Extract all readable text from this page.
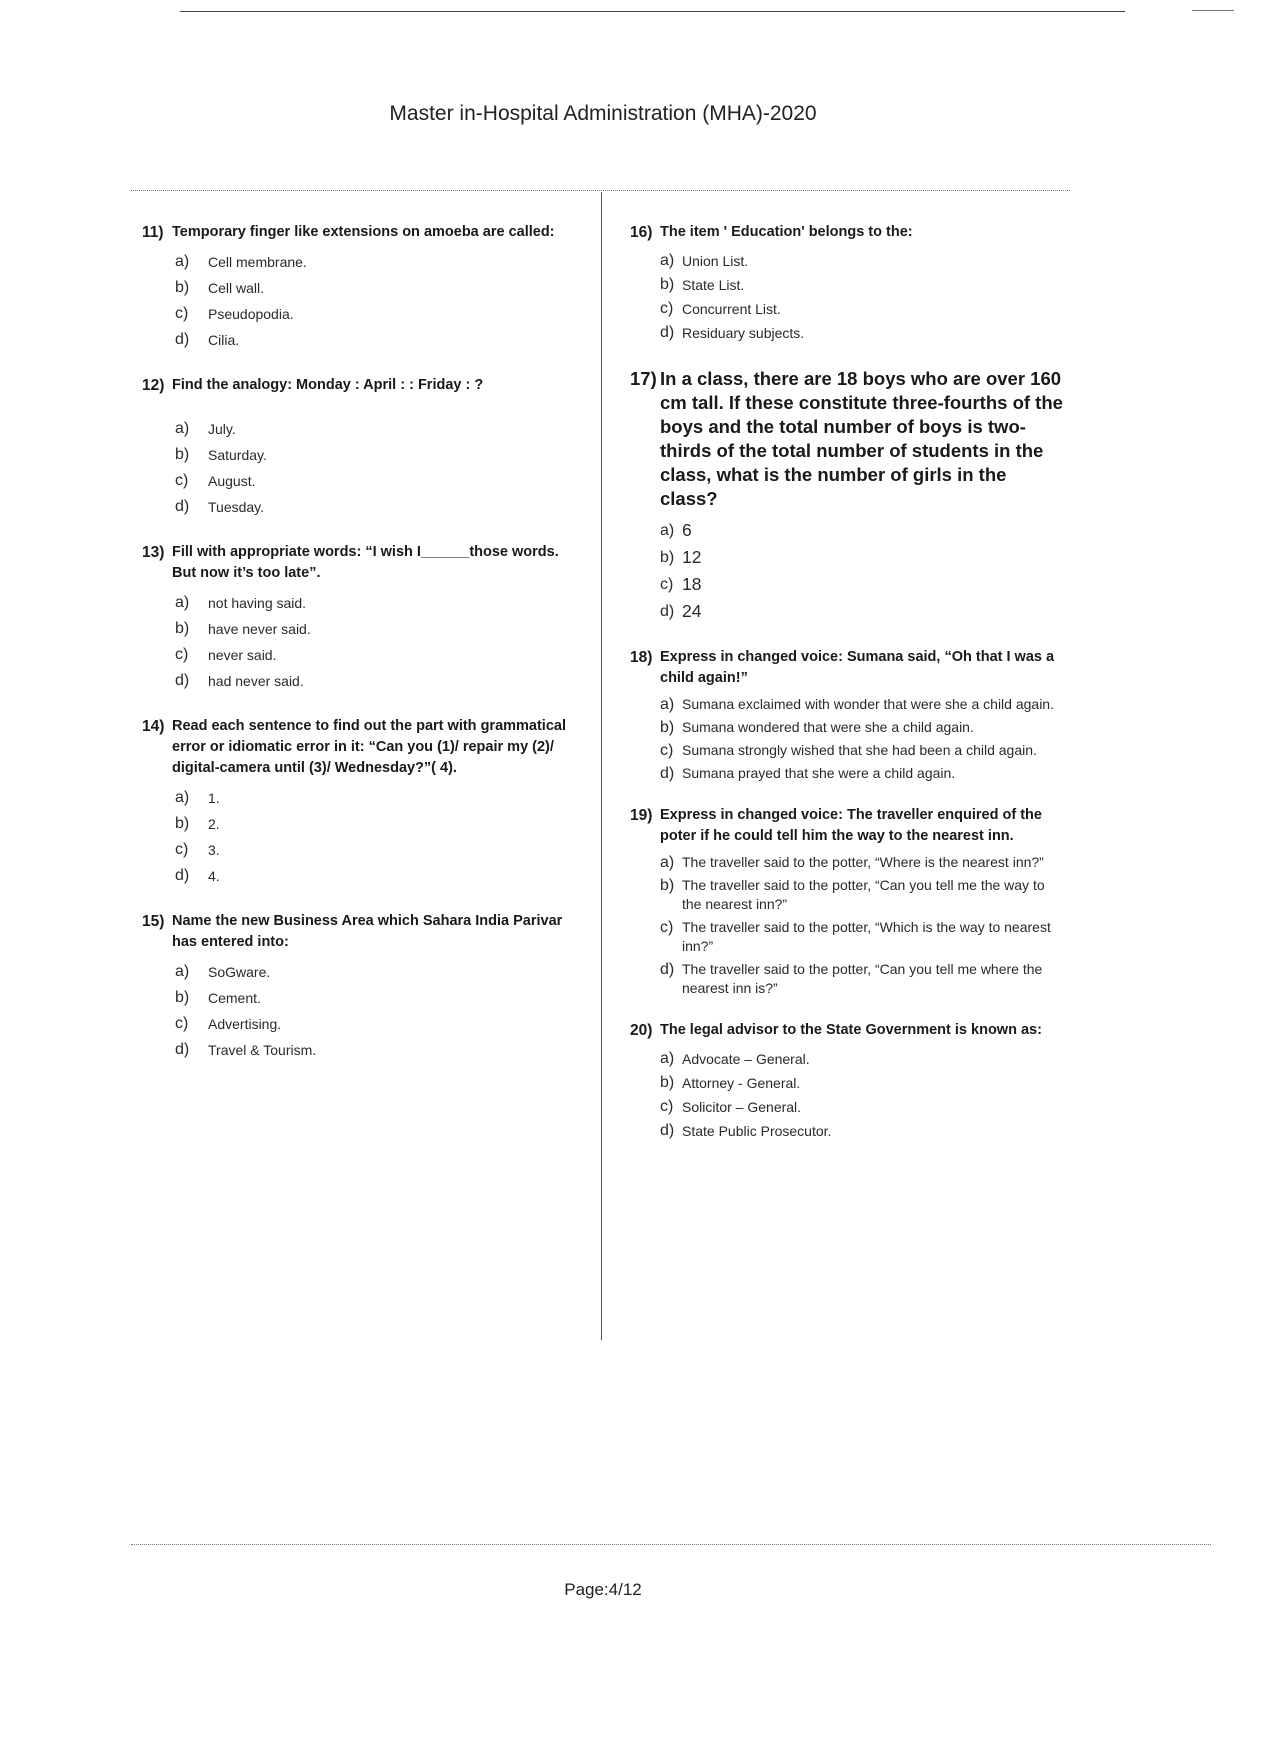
Master in-Hospital Administration (MHA)-2020
11) Temporary finger like extensions on amoeba are called:
a) Cell membrane.
b) Cell wall.
c) Pseudopodia.
d) Cilia.
12) Find the analogy: Monday : April : : Friday : ?
a) July.
b) Saturday.
c) August.
d) Tuesday.
13) Fill with appropriate words: “I wish I______those words. But now it’s too late”.
a) not having said.
b) have never said.
c) never said.
d) had never said.
14) Read each sentence to find out the part with grammatical error or idiomatic error in it: “Can you (1)/ repair my (2)/ digital-camera until (3)/ Wednesday?”( 4).
a) 1.
b) 2.
c) 3.
d) 4.
15) Name the new Business Area which Sahara India Parivar has entered into:
a) SoGware.
b) Cement.
c) Advertising.
d) Travel & Tourism.
16) The item ' Education' belongs to the:
a) Union List.
b) State List.
c) Concurrent List.
d) Residuary subjects.
17) In a class, there are 18 boys who are over 160 cm tall. If these constitute three-fourths of the boys and the total number of boys is two-thirds of the total number of students in the class, what is the number of girls in the class?
a) 6
b) 12
c) 18
d) 24
18) Express in changed voice: Sumana said, “Oh that I was a child again!”
a) Sumana exclaimed with wonder that were she a child again.
b) Sumana wondered that were she a child again.
c) Sumana strongly wished that she had been a child again.
d) Sumana prayed that she were a child again.
19) Express in changed voice: The traveller enquired of the poter if he could tell him the way to the nearest inn.
a) The traveller said to the potter, “Where is the nearest inn?”
b) The traveller said to the potter, “Can you tell me the way to the nearest inn?”
c) The traveller said to the potter, “Which is the way to nearest inn?”
d) The traveller said to the potter, “Can you tell me where the nearest inn is?”
20) The legal advisor to the State Government is known as:
a) Advocate – General.
b) Attorney - General.
c) Solicitor – General.
d) State Public Prosecutor.
Page:4/12
